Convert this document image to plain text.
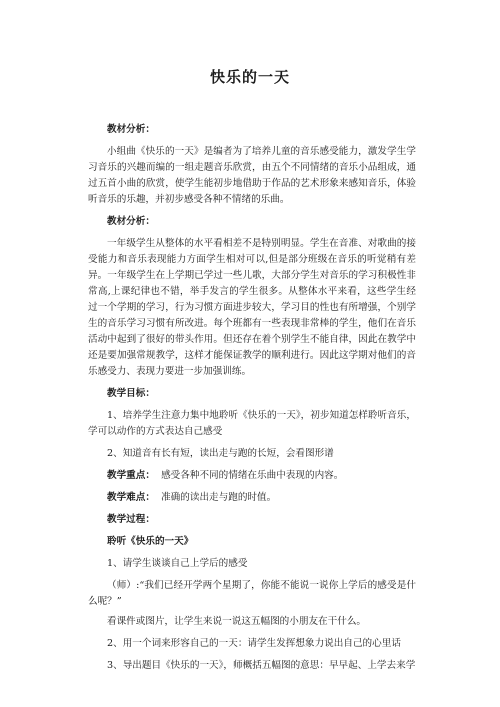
快乐的一天

教材分析：

小组曲《快乐的一天》是编者为了培养儿童的音乐感受能力，激发学生学习音乐的兴趣而编的一组走题音乐欣赏，由五个不同情绪的音乐小品组成，通过五首小曲的欣赏，使学生能初步地借助于作品的艺术形象来感知音乐，体验听音乐的乐趣，并初步感受各种不情绪的乐曲。

教材分析：

一年级学生从整体的水平看相差不是特别明显。学生在音准、对歌曲的接受能力和音乐表现能力方面学生相对可以,但是部分班级在音乐的听觉稍有差异。一年级学生在上学期已学过一些儿歌，大部分学生对音乐的学习积极性非常高,上课纪律也不错，举手发言的学生很多。从整体水平来看，这些学生经过一个学期的学习，行为习惯方面进步较大，学习目的性也有所增强，个别学生的音乐学习习惯有所改进。每个班都有一些表现非常棒的学生，他们在音乐活动中起到了很好的带头作用。但还存在着个别学生不能自律，因此在教学中还是要加强常规教学，这样才能保证教学的顺利进行。因此这学期对他们的音乐感受力、表现力要进一步加强训练。

教学目标：

1、培养学生注意力集中地聆听《快乐的一天》，初步知道怎样聆听音乐，学可以动作的方式表达自己感受

2、知道音有长有短，读出走与跑的长短，会看图形谱

教学重点： 感受各种不同的情绪在乐曲中表现的内容。

教学难点： 准确的读出走与跑的时值。

教学过程：

聆听《快乐的一天》

1、请学生谈谈自己上学后的感受

（师）:“我们已经开学两个星期了，你能不能说一说你上学后的感受是什么呢？”

看课件或图片，让学生来说一说这五幅图的小朋友在干什么。

2、用一个词来形容自己的一天：请学生发挥想象力说出自己的心里话

3、导出题目《快乐的一天》，师概括五幅图的意思：早早起、上学去来学
